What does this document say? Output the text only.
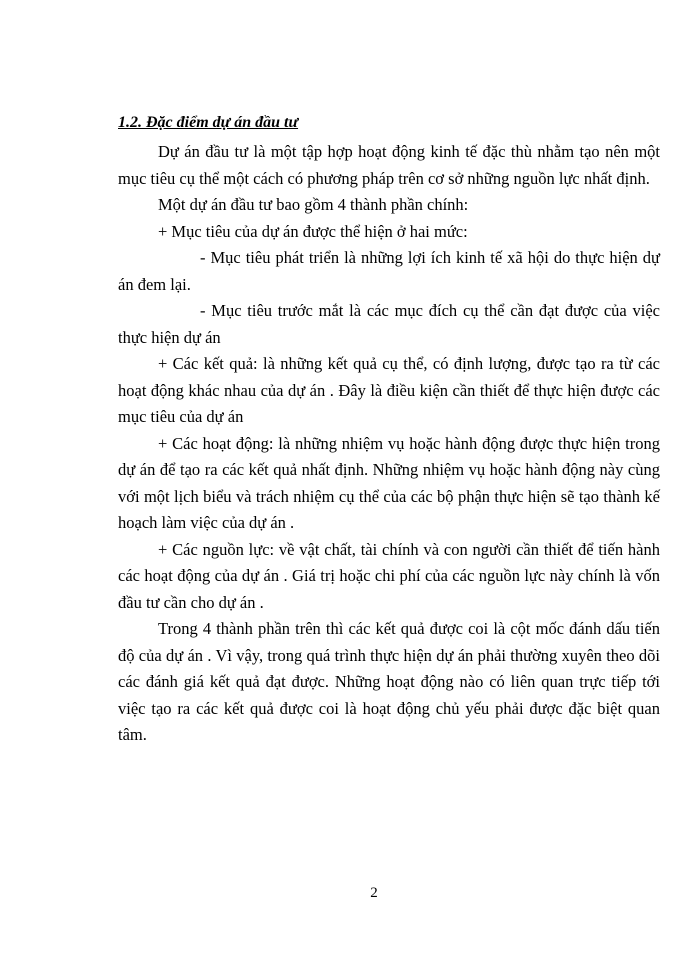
1.2. Đặc điểm dự án đầu tư

Dự án đầu tư là một tập hợp hoạt động kinh tế đặc thù nhằm tạo nên một mục tiêu cụ thể một cách có phương pháp trên cơ sở những nguồn lực nhất định.

Một dự án đầu tư bao gồm 4 thành phần chính:

+ Mục tiêu của dự án được thể hiện ở hai mức:

- Mục tiêu phát triển là những lợi ích kinh tế xã hội do thực hiện dự án đem lại.

- Mục tiêu trước mắt là các mục đích cụ thể cần đạt được của việc thực hiện dự án

+ Các kết quả: là những kết quả cụ thể, có định lượng, được tạo ra từ các hoạt động khác nhau của dự án . Đây là điều kiện cần thiết để thực hiện được các mục tiêu của dự án

+ Các hoạt động: là những nhiệm vụ hoặc hành động được thực hiện trong dự án để tạo ra các kết quả nhất định. Những nhiệm vụ hoặc hành động này cùng với một lịch biểu và trách nhiệm cụ thể của các bộ phận thực hiện sẽ tạo thành kế hoạch làm việc của dự án .

+ Các nguồn lực: về vật chất, tài chính và con người cần thiết để tiến hành các hoạt động của dự án . Giá trị hoặc chi phí của các nguồn lực này chính là vốn đầu tư cần cho dự án .

Trong 4 thành phần trên thì các kết quả được coi là cột mốc đánh dấu tiến độ của dự án . Vì vậy, trong quá trình thực hiện dự án phải thường xuyên theo dõi các đánh giá kết quả đạt được. Những hoạt động nào có liên quan trực tiếp tới việc tạo ra các kết quả được coi là hoạt động chủ yếu phải được đặc biệt quan tâm.

2
